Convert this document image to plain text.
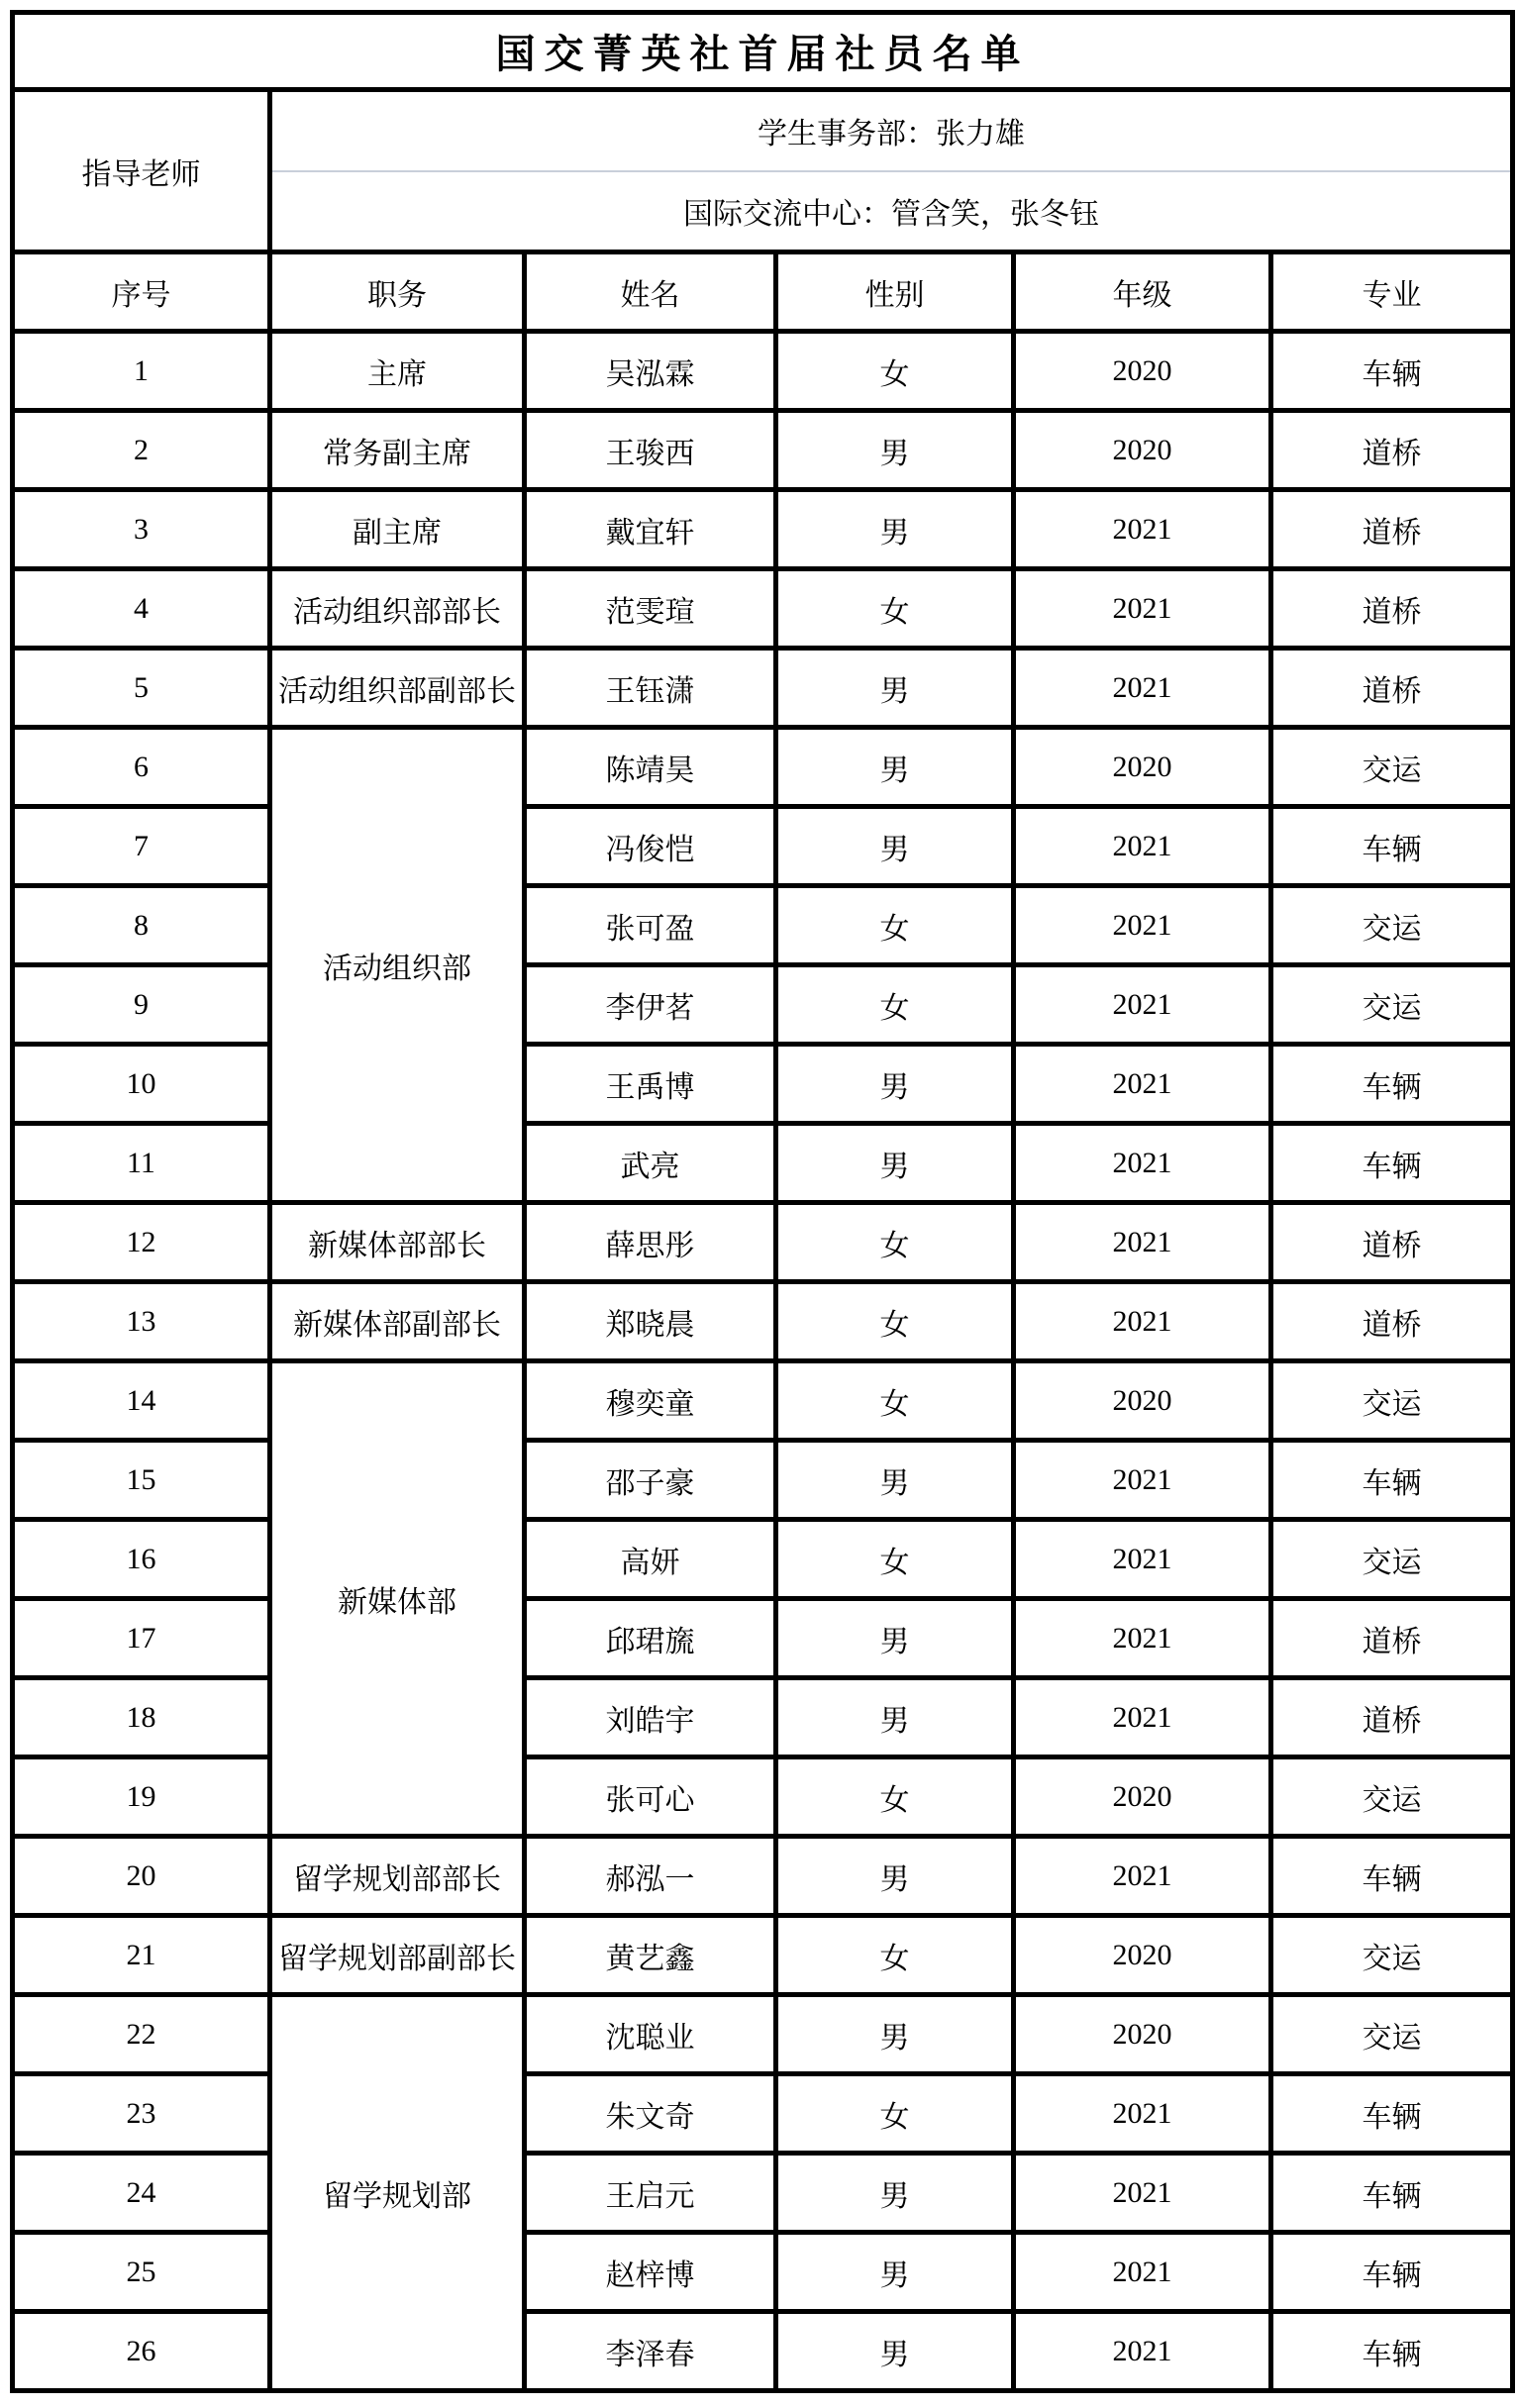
国交菁英社首届社员名单					
指导老师	学生事务部：张力雄				
	国际交流中心：管含笑，张冬钰				
序号	职务	姓名	性别	年级	专业
1	主席	吴泓霖	女	2020	车辆
2	常务副主席	王骏西	男	2020	道桥
3	副主席	戴宜轩	男	2021	道桥
4	活动组织部部长	范雯瑄	女	2021	道桥
5	活动组织部副部长	王钰潇	男	2021	道桥
6	活动组织部	陈靖昊	男	2020	交运
7		冯俊恺	男	2021	车辆
8		张可盈	女	2021	交运
9		李伊茗	女	2021	交运
10		王禹博	男	2021	车辆
11		武亮	男	2021	车辆
12	新媒体部部长	薛思彤	女	2021	道桥
13	新媒体部副部长	郑晓晨	女	2021	道桥
14	新媒体部	穆奕童	女	2020	交运
15		邵子豪	男	2021	车辆
16		高妍	女	2021	交运
17		邱珺旒	男	2021	道桥
18		刘皓宇	男	2021	道桥
19		张可心	女	2020	交运
20	留学规划部部长	郝泓一	男	2021	车辆
21	留学规划部副部长	黄艺鑫	女	2020	交运
22	留学规划部	沈聪业	男	2020	交运
23		朱文奇	女	2021	车辆
24		王启元	男	2021	车辆
25		赵梓博	男	2021	车辆
26		李泽春	男	2021	车辆
